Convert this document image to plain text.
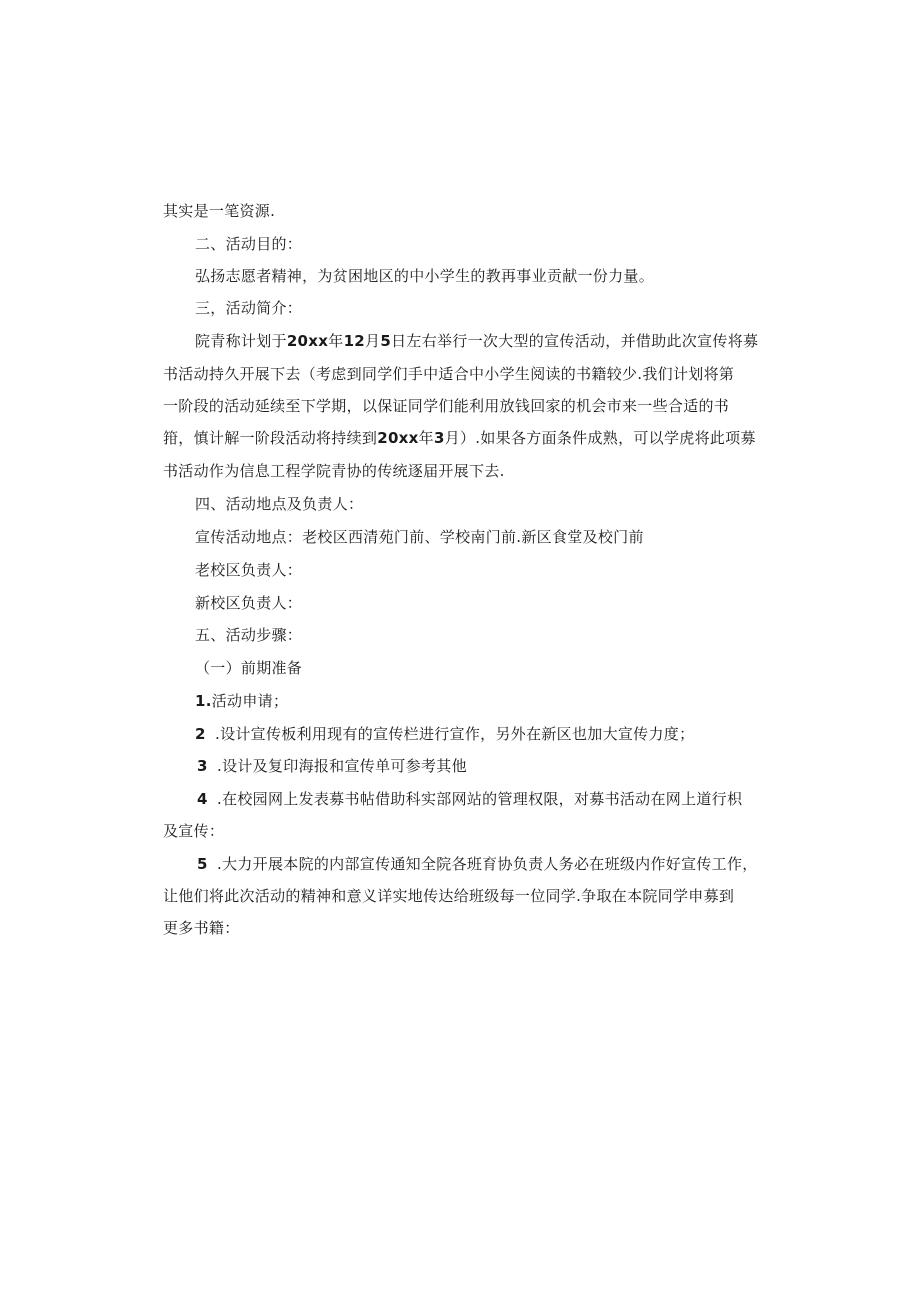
其实是一笔资源.
二、活动目的：
弘扬志愿者精神，为贫困地区的中小学生的教再事业贡献一份力量。
三，活动简介：
院青称计划于20xx年12月5日左右举行一次大型的宣传活动，并借助此次宣传将募
书活动持久开展下去（考虑到同学们手中适合中小学生阅读的书籍较少.我们计划将第
一阶段的活动延续至下学期，以保证同学们能利用放钱回家的机会市来一些合适的书
箝，慎计解一阶段活动将持续到20xx年3月）.如果各方面条件成熟，可以学虎将此项募
书活动作为信息工程学院青协的传统逐届开展下去.
四、活动地点及负责人：
宣传活动地点：老校区西清苑门前、学校南门前.新区食堂及校门前
老校区负责人：
新校区负责人：
五、活动步骤：
（一）前期准备
1.活动申请；
2 .设计宣传板利用现有的宣传栏进行宣作，另外在新区也加大宣传力度；
3 .设计及复印海报和宣传单可参考其他
4 .在校园网上发表募书帖借助科实部网站的管理权限，对募书活动在网上道行枳
及宣传：
5 .大力开展本院的内部宣传通知全院各班育协负责人务必在班级内作好宣传工作，
让他们将此次活动的精神和意义详实地传达给班级每一位同学.争取在本院同学申募到
更多书籍：
